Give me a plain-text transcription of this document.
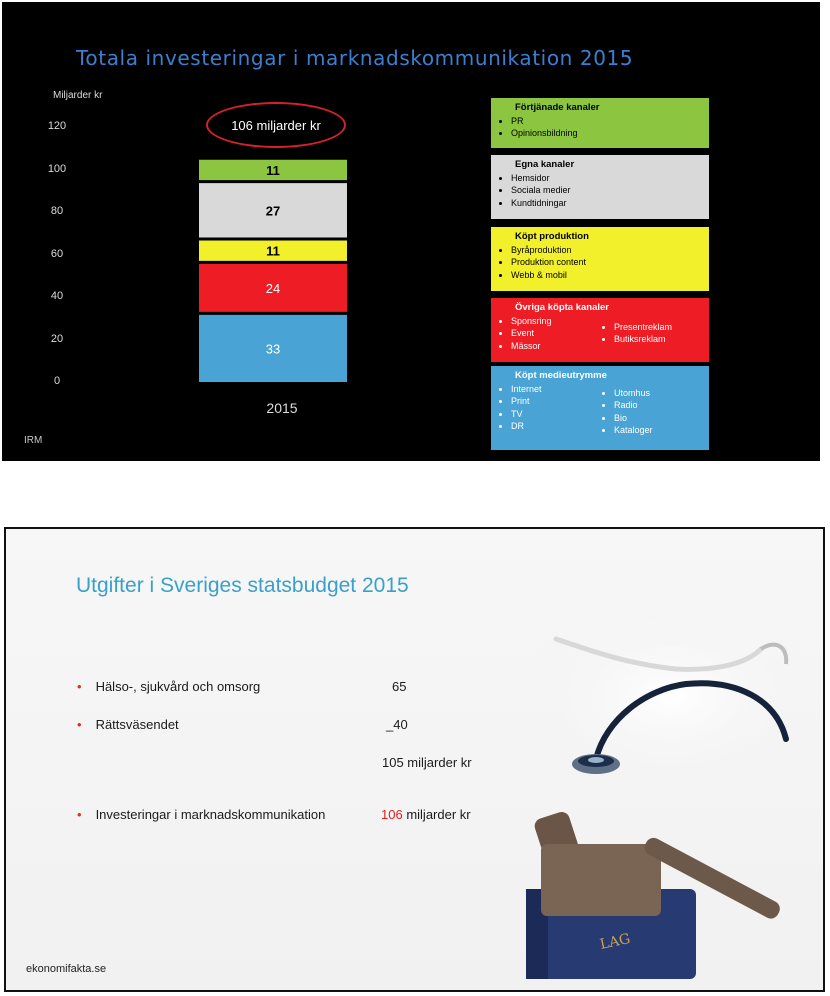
Totala investeringar i marknadskommunikation 2015
Miljarder kr
120
100
80
60
40
20
0
33
24
11
27
11
106 miljarder kr
2015
IRM
Förtjänade kanaler
• PR
• Opinionsbildning
Egna kanaler
• Hemsidor
• Sociala medier
• Kundtidningar
Köpt produktion
• Byråproduktion
• Produktion content
• Webb & mobil
Övriga köpta kanaler
• Sponsring
• Event
• Mässor
• Presentreklam
• Butiksreklam
Köpt medieutrymme
• Internet
• Print
• TV
• DR
• Utomhus
• Radio
• Bio
• Kataloger
Utgifter i Sveriges statsbudget 2015
• Hälso-, sjukvård och omsorg	65
• Rättsväsendet	_40
105 miljarder kr
• Investeringar i marknadskommunikation	106 miljarder kr
LAG
ekonomifakta.se
